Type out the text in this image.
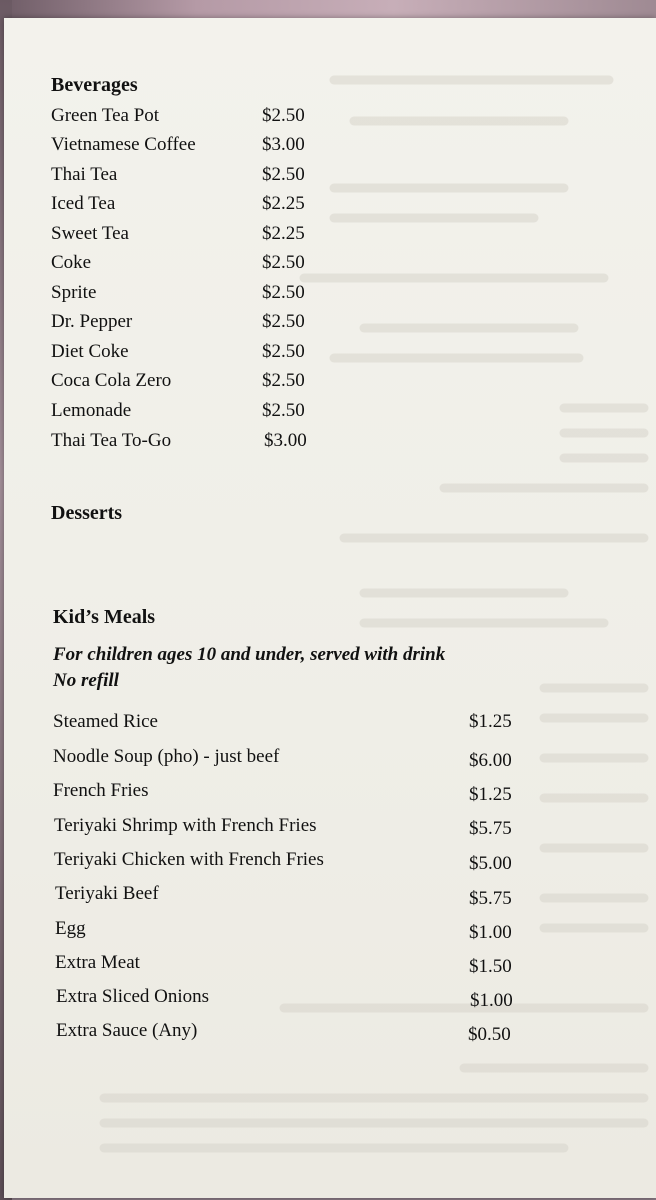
Beverages
Green Tea Pot	$2.50
Vietnamese Coffee	$3.00
Thai Tea	$2.50
Iced Tea	$2.25
Sweet Tea	$2.25
Coke	$2.50
Sprite	$2.50
Dr. Pepper	$2.50
Diet Coke	$2.50
Coca Cola Zero	$2.50
Lemonade	$2.50
Thai Tea To-Go	$3.00
Desserts
Kid’s Meals
For children ages 10 and under, served with drink
No refill
Steamed Rice	$1.25
Noodle Soup (pho) - just beef	$6.00
French Fries	$1.25
Teriyaki Shrimp with French Fries	$5.75
Teriyaki Chicken with French Fries	$5.00
Teriyaki Beef	$5.75
Egg	$1.00
Extra Meat	$1.50
Extra Sliced Onions	$1.00
Extra Sauce (Any)	$0.50
